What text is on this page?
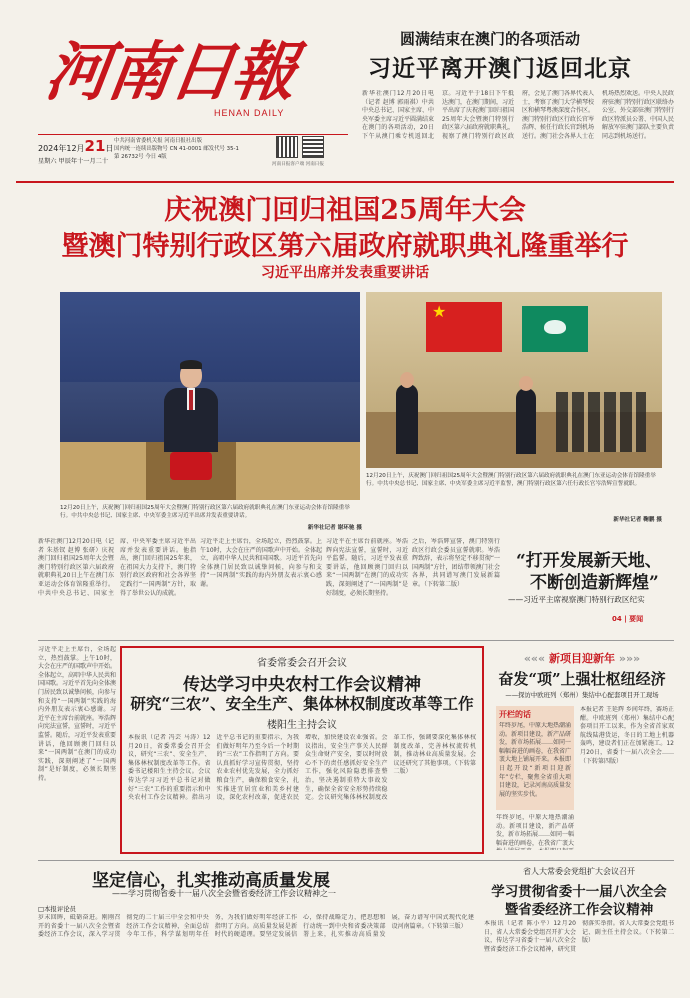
河南日報
HENAN DAILY
2024年12月21日
星期六 甲辰年十一月二十
中共河南省委机关报 河南日报社出版
国内统一连续出版物号 CN 41-0001 邮发代号 35-1
第 26732号 今日 4版
河南日报客户端 河南日报
圆满结束在澳门的各项活动
习近平离开澳门返回北京
新华社澳门12月20日电（记者 赵博 郭雨祺）中共中央总书记、国家主席、中央军委主席习近平圆满结束在澳门的各项活动，20日下午从澳门乘专机返回北京。习近平于18日下午抵达澳门，在澳门期间，习近平出席了庆祝澳门回归祖国25周年大会暨澳门特别行政区第六届政府就职典礼，视察了澳门特别行政区政府，会见了澳门各界代表人士，考察了澳门大学横琴校区和横琴粤澳深度合作区。澳门特别行政区行政长官岑浩辉、候任行政长官到机场送行。澳门社会各界人士在机场热烈欢送。中央人民政府驻澳门特别行政区联络办公室、外交部驻澳门特别行政区特派员公署、中国人民解放军驻澳门部队主要负责同志到机场送行。
庆祝澳门回归祖国25周年大会
暨澳门特别行政区第六届政府就职典礼隆重举行
习近平出席并发表重要讲话
12月20日上午，庆祝澳门回归祖国25周年大会暨澳门特别行政区第六届政府就职典礼在澳门东亚运动会体育馆隆重举行。中共中央总书记、国家主席、中央军委主席习近平出席并发表重要讲话。
新华社记者 谢环驰 摄
★
12月20日上午，庆祝澳门回归祖国25周年大会暨澳门特别行政区第六届政府就职典礼在澳门东亚运动会体育馆隆重举行。中共中央总书记、国家主席、中央军委主席习近平监誓，澳门特别行政区第六任行政长官岑浩辉宣誓就职。
新华社记者 鞠鹏 摄
新华社澳门12月20日电（记者 朱基钗 赵博 张研）庆祝澳门回归祖国25周年大会暨澳门特别行政区第六届政府就职典礼20日上午在澳门东亚运动会体育馆隆重举行。中共中央总书记、国家主席、中央军委主席习近平出席并发表重要讲话。他指出，澳门回归祖国25年来，在祖国大力支持下，澳门特别行政区政府和社会各界坚定践行“一国两制”方针，取得了举世公认的成就。
习近平走上主席台，全场起立，热烈鼓掌。上午10时，大会在庄严的国歌声中开始。全体起立，高唱中华人民共和国国歌。习近平首先向全体澳门居民致以诚挚问候，向参与和支持“一国两制”实践的海内外朋友表示衷心感谢。
习近平在主席台前就座。岑浩辉向宪法宣誓，宣誓时，习近平监誓。随后，习近平发表重要讲话，他回顾澳门回归以来“一国两制”在澳门的成功实践，深刻阐述了“一国两制”是好制度，必须长期坚持。
之后，岑浩辉宣誓，澳门特别行政区行政会委员宣誓就职。岑浩辉致辞，表示将坚定不移贯彻“一国两制”方针，团结带领澳门社会各界，共同谱写澳门发展新篇章。（下转第二版）
“打开发展新天地、
不断创造新辉煌”
——习近平主席视察澳门特别行政区纪实
04 | 要闻
省委常委会召开会议
传达学习中央农村工作会议精神
研究“三农”、安全生产、集体林权制度改革等工作
楼阳生主持会议
本报讯（记者 冯芸 马涛）12月20日，省委常委会召开会议，研究“三农”、安全生产、集体林权制度改革等工作。省委书记楼阳生主持会议。会议传达学习习近平总书记对做好“三农”工作的重要指示和中央农村工作会议精神。指出习近平总书记的重要指示，为我们做好明年乃至今后一个时期的“三农”工作指明了方向。要认真抓好学习宣传贯彻，坚持农业农村优先发展，全力抓好粮食生产，确保粮食安全，扎实推进宜居宜业和美乡村建设，深化农村改革，促进农民增收，加快建设农业强省。会议指出，安全生产事关人民群众生命财产安全，要以时时放心不下的责任感抓好安全生产工作，强化风险隐患排查整治，坚决遏制重特大事故发生，确保全省安全形势持续稳定。会议研究集体林权制度改革工作，强调要深化集体林权制度改革，完善林权流转机制，推动林业高质量发展。会议还研究了其他事项。（下转第二版）
习近平走上主席台，全场起立，热烈鼓掌。上午10时，大会在庄严的国歌声中开始。全体起立，高唱中华人民共和国国歌。习近平首先向全体澳门居民致以诚挚问候，向参与和支持“一国两制”实践的海内外朋友表示衷心感谢。习近平在主席台前就座。岑浩辉向宪法宣誓，宣誓时，习近平监誓。随后，习近平发表重要讲话，他回顾澳门回归以来“一国两制”在澳门的成功实践，深刻阐述了“一国两制”是好制度，必须长期坚持。
««« 新项目迎新年 »»»
奋发“项”上强壮枢纽经济
——探访中欧班列（郑州）集结中心配套项目开工现场
开栏的话
年终岁尾，中原大地热潮涌动。新项目建设，新产品研发，新市场拓展……如同一幅幅奋进的画卷，在我省广袤大地上铺展开来。本报即日起开设“新项目迎新年”专栏，聚焦全省重大项目建设，记录河南高质量发展的坚实步伐。
本报记者 王延辉 乡间年终，赛场正酣。中欧班列（郑州）集结中心配套项目开工以来，作为全省首家双航线陆港货运，冬日的工地上机器轰鸣，建设者们正在加紧施工。12月20日，省委十一届八次全会……（下转第四版）
年终岁尾，中原大地热潮涌动。新项目建设，新产品研发，新市场拓展……如同一幅幅奋进的画卷，在我省广袤大
坚定信心，扎实推动高质量发展
——学习贯彻省委十一届八次全会暨省委经济工作会议精神之一
□本报评论员
岁末回眸，砥砺奋进。刚刚召开的省委十一届八次全会暨省委经济工作会议，深入学习贯彻党的二十届三中全会和中央经济工作会议精神，全面总结今年工作，科学谋划明年任务，为我们做好明年经济工作指明了方向。高质量发展是新时代的硬道理。要坚定发展信心，保持战略定力，把思想和行动统一到中央和省委决策部署上来，扎实推动高质量发展，奋力谱写中国式现代化建设河南篇章。（下转第三版）
省人大常委会党组扩大会议召开
学习贯彻省委十一届八次全会
暨省委经济工作会议精神
本报讯（记者 陈小平）12月20日，省人大常委会党组召开扩大会议，传达学习省委十一届八次全会暨省委经济工作会议精神，研究贯彻落实举措。省人大常委会党组书记、副主任主持会议。（下转第二版）
